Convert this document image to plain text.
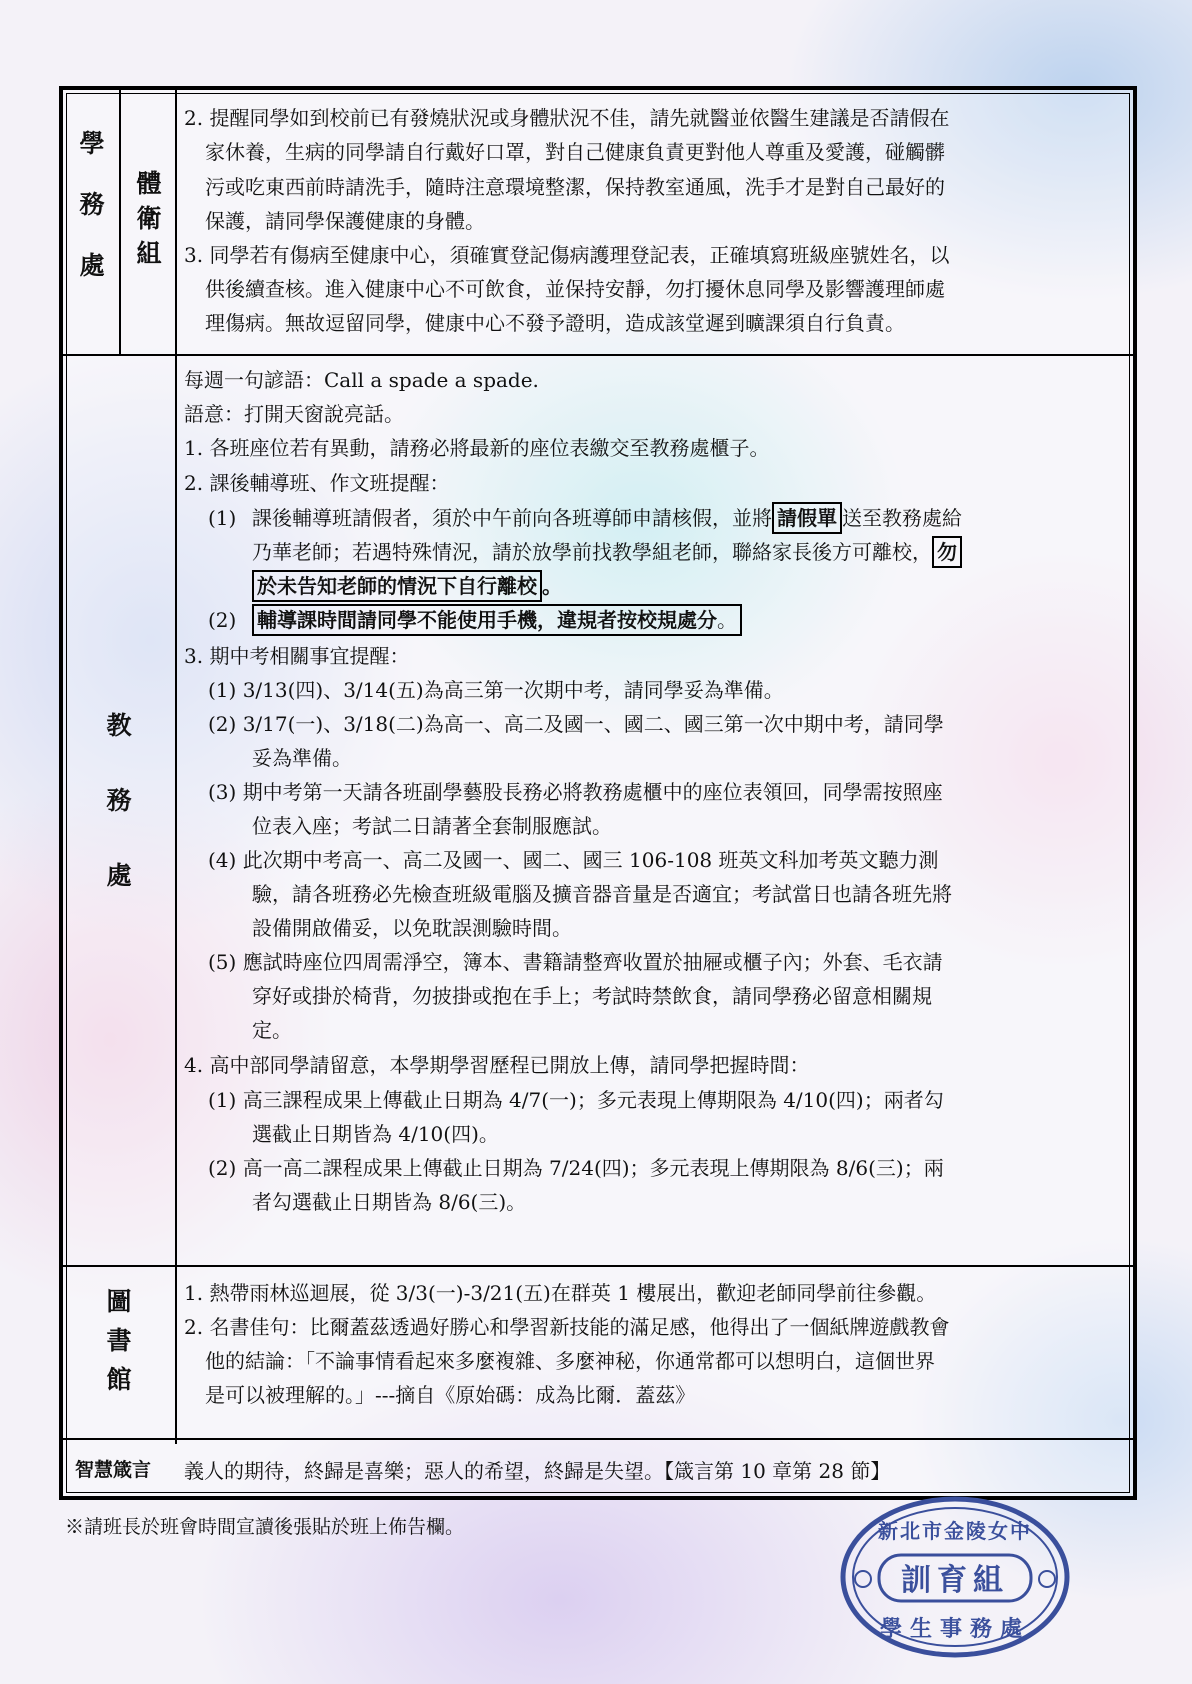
學務處 體衛組
2. 提醒同學如到校前已有發燒狀況或身體狀況不佳，請先就醫並依醫生建議是否請假在
家休養，生病的同學請自行戴好口罩，對自己健康負責更對他人尊重及愛護，碰觸髒
污或吃東西前時請洗手，隨時注意環境整潔，保持教室通風，洗手才是對自己最好的
保護，請同學保護健康的身體。
3. 同學若有傷病至健康中心，須確實登記傷病護理登記表，正確填寫班級座號姓名，以
供後續查核。進入健康中心不可飲食，並保持安靜，勿打擾休息同學及影響護理師處
理傷病。無故逗留同學，健康中心不發予證明，造成該堂遲到曠課須自行負責。
教務處
每週一句諺語：Call a spade a spade.
語意：打開天窗說亮話。
1. 各班座位若有異動，請務必將最新的座位表繳交至教務處櫃子。
2. 課後輔導班、作文班提醒：
(1) 課後輔導班請假者，須於中午前向各班導師申請核假，並將 請假單 送至教務處給
乃華老師；若遇特殊情況，請於放學前找教學組老師，聯絡家長後方可離校， 勿
於未告知老師的情況下自行離校 。
(2) 輔導課時間請同學不能使用手機，違規者按校規處分。
3. 期中考相關事宜提醒：
(1) 3/13(四)、3/14(五)為高三第一次期中考，請同學妥為準備。
(2) 3/17(一)、3/18(二)為高一、高二及國一、國二、國三第一次中期中考，請同學
妥為準備。
(3) 期中考第一天請各班副學藝股長務必將教務處櫃中的座位表領回，同學需按照座
位表入座；考試二日請著全套制服應試。
(4) 此次期中考高一、高二及國一、國二、國三 106-108 班英文科加考英文聽力測
驗，請各班務必先檢查班級電腦及擴音器音量是否適宜；考試當日也請各班先將
設備開啟備妥，以免耽誤測驗時間。
(5) 應試時座位四周需淨空，簿本、書籍請整齊收置於抽屜或櫃子內；外套、毛衣請
穿好或掛於椅背，勿披掛或抱在手上；考試時禁飲食，請同學務必留意相關規
定。
4. 高中部同學請留意，本學期學習歷程已開放上傳，請同學把握時間：
(1) 高三課程成果上傳截止日期為 4/7(一)；多元表現上傳期限為 4/10(四)；兩者勾
選截止日期皆為 4/10(四)。
(2) 高一高二課程成果上傳截止日期為 7/24(四)；多元表現上傳期限為 8/6(三)；兩
者勾選截止日期皆為 8/6(三)。
圖書館	1. 熱帶雨林巡迴展，從 3/3(一)-3/21(五)在群英 1 樓展出，歡迎老師同學前往參觀。
2. 名書佳句：比爾蓋茲透過好勝心和學習新技能的滿足感，他得出了一個紙牌遊戲教會
他的結論：「不論事情看起來多麼複雜、多麼神秘，你通常都可以想明白，這個世界
是可以被理解的。」---摘自《原始碼：成為比爾．蓋茲》
智慧箴言 義人的期待，終歸是喜樂；惡人的希望，終歸是失望。【箴言第 10 章第 28 節】
※請班長於班會時間宣讀後張貼於班上佈告欄。
訓育組
新北市金陵女中
學生事務處
